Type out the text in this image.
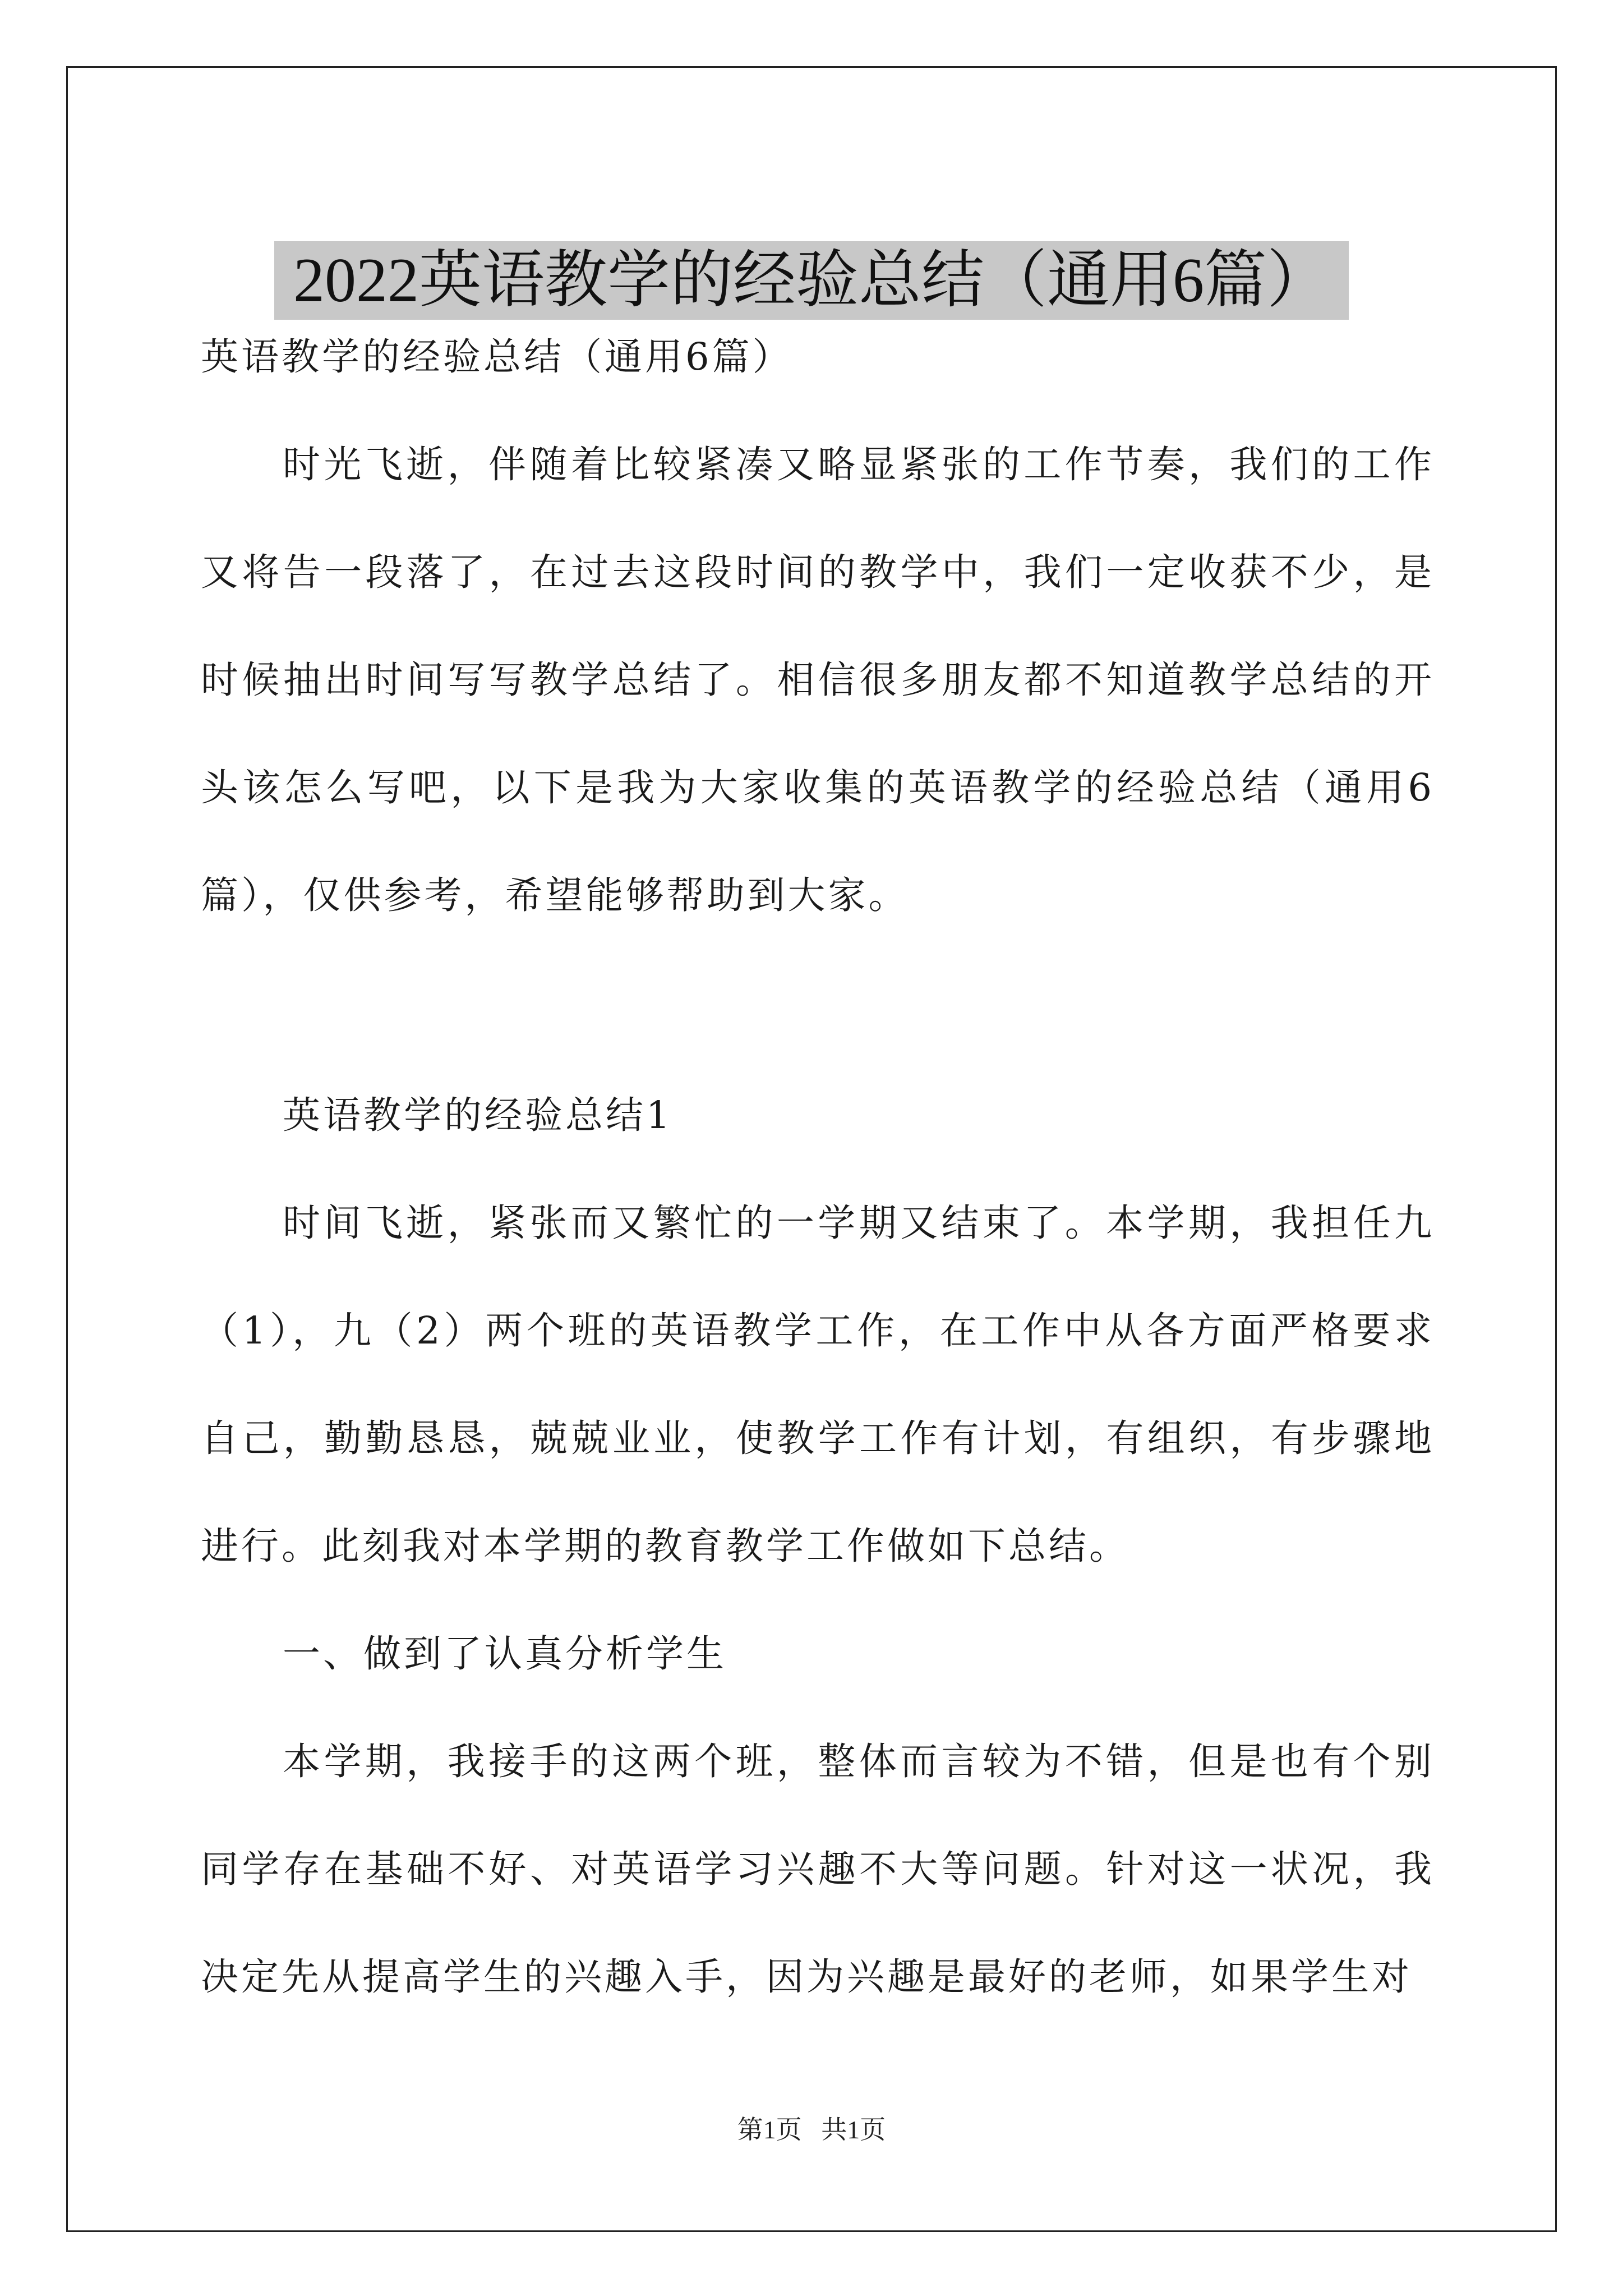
2022英语教学的经验总结（通用6篇）

英语教学的经验总结（通用6篇）

时光飞逝，伴随着比较紧凑又略显紧张的工作节奏，我们的工作又将告一段落了，在过去这段时间的教学中，我们一定收获不少，是时候抽出时间写写教学总结了。相信很多朋友都不知道教学总结的开头该怎么写吧，以下是我为大家收集的英语教学的经验总结（通用6篇），仅供参考，希望能够帮助到大家。

英语教学的经验总结1

时间飞逝，紧张而又繁忙的一学期又结束了。本学期，我担任九（1），九（2）两个班的英语教学工作，在工作中从各方面严格要求自己，勤勤恳恳，兢兢业业，使教学工作有计划，有组织，有步骤地进行。此刻我对本学期的教育教学工作做如下总结。

一、做到了认真分析学生

本学期，我接手的这两个班，整体而言较为不错，但是也有个别同学存在基础不好、对英语学习兴趣不大等问题。针对这一状况，我决定先从提高学生的兴趣入手，因为兴趣是最好的老师，如果学生对

第1页   共1页
